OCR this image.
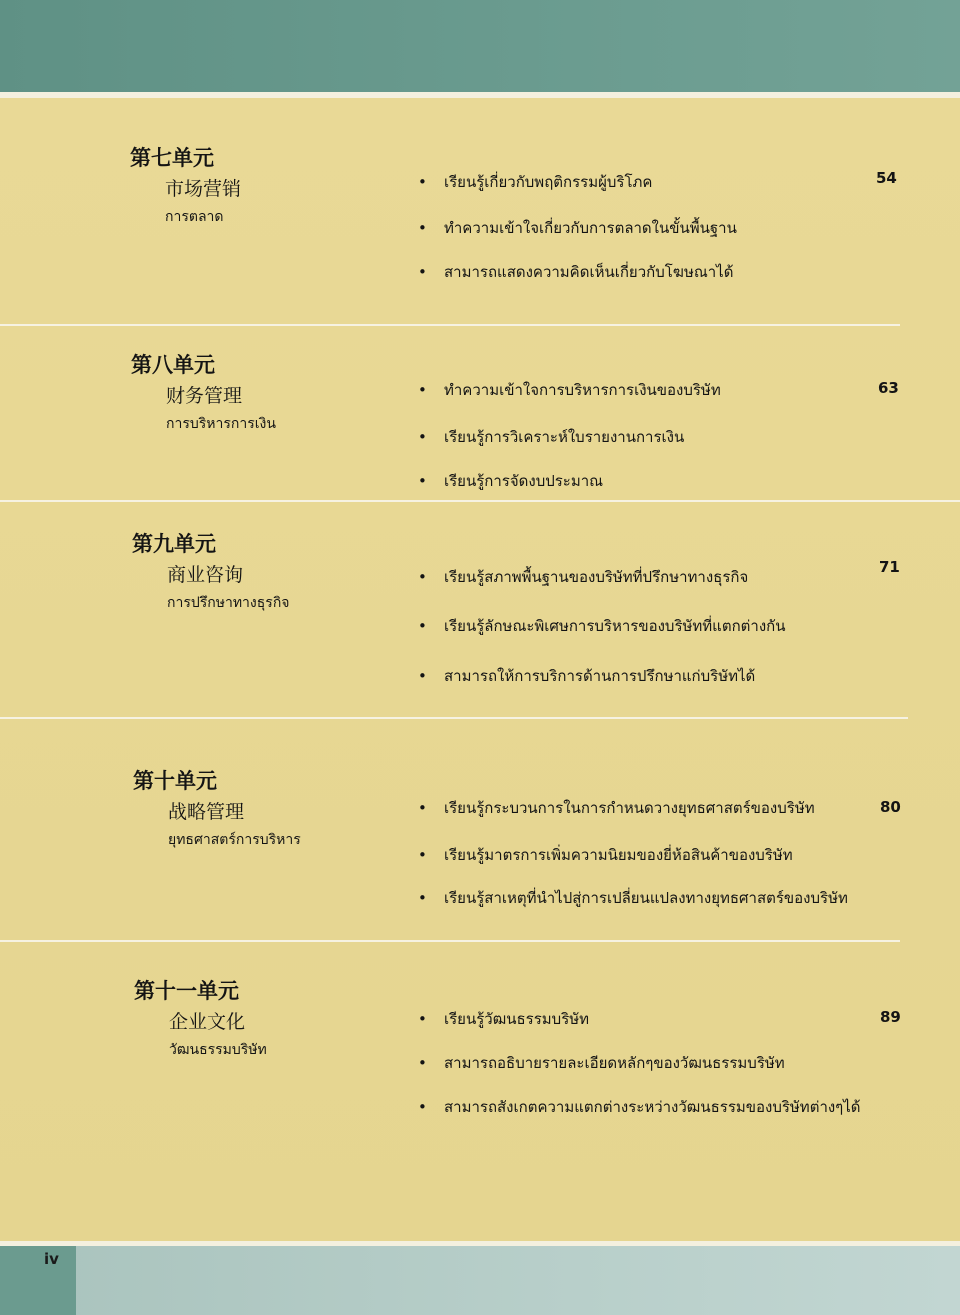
第七单元
市场营销
การตลาด
• เรียนรู้เกี่ยวกับพฤติกรรมผู้บริโภค
• ทำความเข้าใจเกี่ยวกับการตลาดในขั้นพื้นฐาน
• สามารถแสดงความคิดเห็นเกี่ยวกับโฆษณาได้
54
第八单元
财务管理
การบริหารการเงิน
• ทำความเข้าใจการบริหารการเงินของบริษัท
• เรียนรู้การวิเคราะห์ใบรายงานการเงิน
• เรียนรู้การจัดงบประมาณ
63
第九单元
商业咨询
การปรึกษาทางธุรกิจ
• เรียนรู้สภาพพื้นฐานของบริษัทที่ปรึกษาทางธุรกิจ
• เรียนรู้ลักษณะพิเศษการบริหารของบริษัทที่แตกต่างกัน
• สามารถให้การบริการด้านการปรึกษาแก่บริษัทได้
71
第十单元
战略管理
ยุทธศาสตร์การบริหาร
• เรียนรู้กระบวนการในการกำหนดวางยุทธศาสตร์ของบริษัท
• เรียนรู้มาตรการเพิ่มความนิยมของยี่ห้อสินค้าของบริษัท
• เรียนรู้สาเหตุที่นำไปสู่การเปลี่ยนแปลงทางยุทธศาสตร์ของบริษัท
80
第十一单元
企业文化
วัฒนธรรมบริษัท
• เรียนรู้วัฒนธรรมบริษัท
• สามารถอธิบายรายละเอียดหลักๆของวัฒนธรรมบริษัท
• สามารถสังเกตความแตกต่างระหว่างวัฒนธรรมของบริษัทต่างๆได้
89
iv
